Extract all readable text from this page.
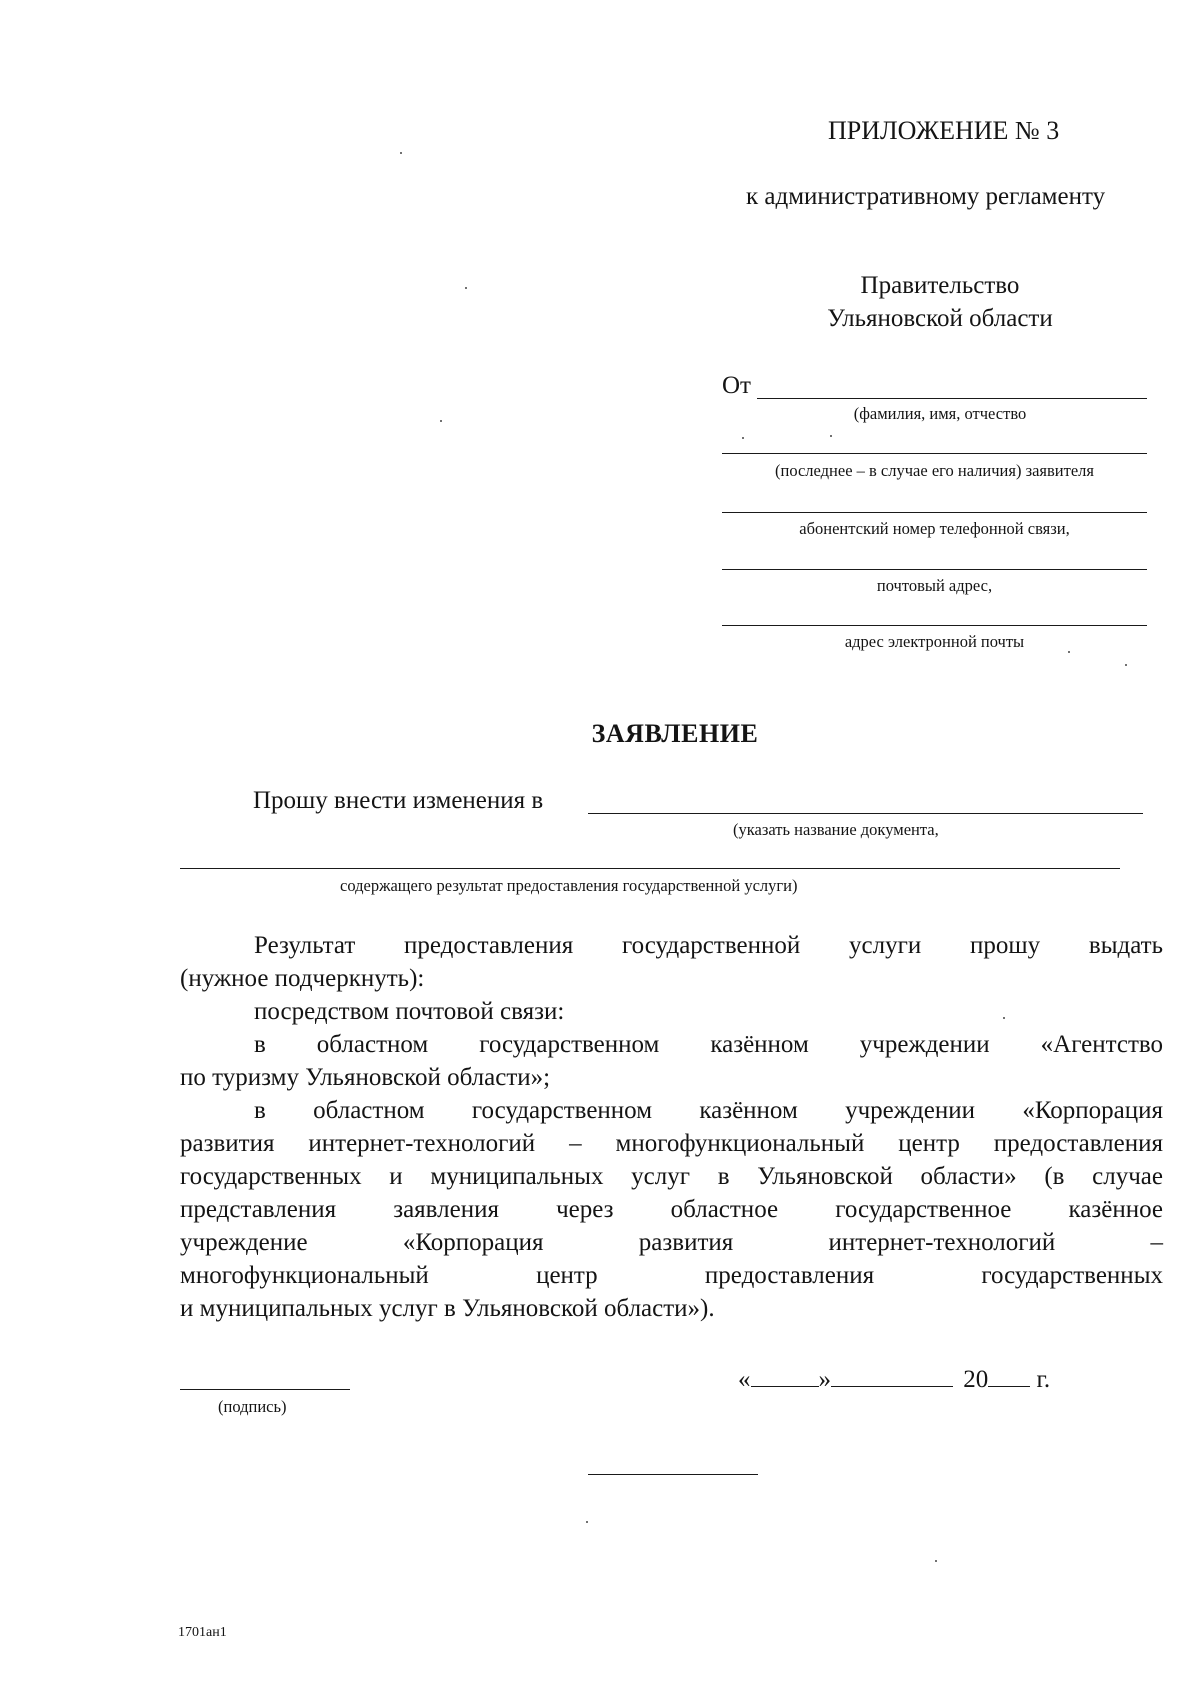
ПРИЛОЖЕНИЕ № 3
к административному регламенту
Правительство
Ульяновской области
От
(фамилия, имя, отчество
(последнее – в случае его наличия) заявителя
абонентский номер телефонной связи,
почтовый адрес,
адрес электронной почты
ЗАЯВЛЕНИЕ
Прошу внести изменения в
(указать название документа,
содержащего результат предоставления государственной услуги)

Результат предоставления государственной услуги прошу выдать

(нужное подчеркнуть):

посредством почтовой связи:

в областном государственном казённом учреждении «Агентство

по туризму Ульяновской области»;

в областном государственном казённом учреждении «Корпорация

развития интернет-технологий – многофункциональный центр предоставления

государственных и муниципальных услуг в Ульяновской области» (в случае

представления заявления через областное государственное казённое

учреждение «Корпорация развития интернет-технологий –

многофункциональный центр предоставления государственных

и муниципальных услуг в Ульяновской области»).

(подпись)
«	»	20 г.
1701ан1
